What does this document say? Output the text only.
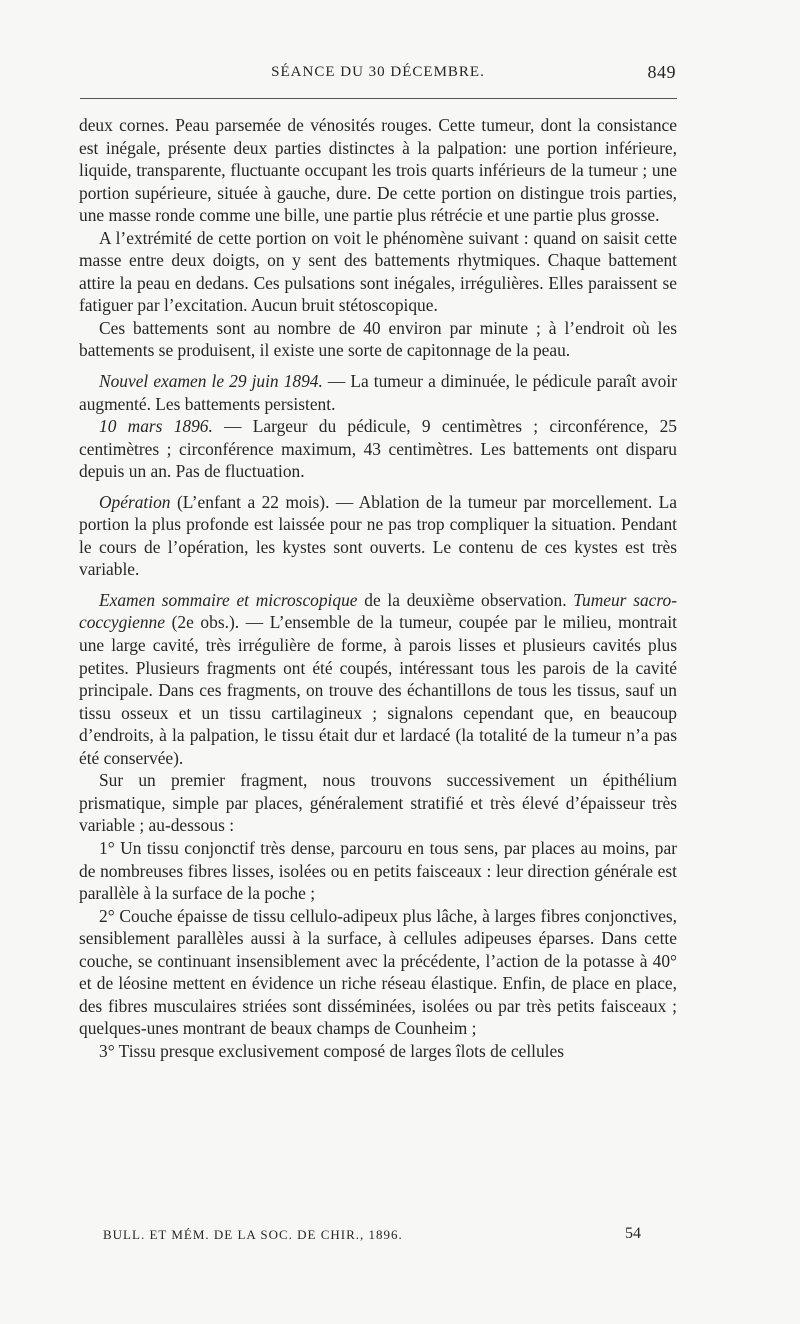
SÉANCE DU 30 DÉCEMBRE.	849

deux cornes. Peau parsemée de vénosités rouges. Cette tumeur, dont la consistance est inégale, présente deux parties distinctes à la palpation: une portion inférieure, liquide, transparente, fluctuante occupant les trois quarts inférieurs de la tumeur ; une portion supérieure, située à gauche, dure. De cette portion on distingue trois parties, une masse ronde comme une bille, une partie plus rétrécie et une partie plus grosse.

A l’extrémité de cette portion on voit le phénomène suivant : quand on saisit cette masse entre deux doigts, on y sent des battements rhytmiques. Chaque battement attire la peau en dedans. Ces pulsations sont inégales, irrégulières. Elles paraissent se fatiguer par l’excitation. Aucun bruit stétoscopique.

Ces battements sont au nombre de 40 environ par minute ; à l’endroit où les battements se produisent, il existe une sorte de capitonnage de la peau.

Nouvel examen le 29 juin 1894. — La tumeur a diminuée, le pédicule paraît avoir augmenté. Les battements persistent.

10 mars 1896. — Largeur du pédicule, 9 centimètres ; circonférence, 25 centimètres ; circonférence maximum, 43 centimètres. Les battements ont disparu depuis un an. Pas de fluctuation.

Opération (L’enfant a 22 mois). — Ablation de la tumeur par morcellement. La portion la plus profonde est laissée pour ne pas trop compliquer la situation. Pendant le cours de l’opération, les kystes sont ouverts. Le contenu de ces kystes est très variable.

Examen sommaire et microscopique de la deuxième observation. Tumeur sacro-coccygienne (2e obs.). — L’ensemble de la tumeur, coupée par le milieu, montrait une large cavité, très irrégulière de forme, à parois lisses et plusieurs cavités plus petites. Plusieurs fragments ont été coupés, intéressant tous les parois de la cavité principale. Dans ces fragments, on trouve des échantillons de tous les tissus, sauf un tissu osseux et un tissu cartilagineux ; signalons cependant que, en beaucoup d’endroits, à la palpation, le tissu était dur et lardacé (la totalité de la tumeur n’a pas été conservée).

Sur un premier fragment, nous trouvons successivement un épithélium prismatique, simple par places, généralement stratifié et très élevé d’épaisseur très variable ; au-dessous :

1° Un tissu conjonctif très dense, parcouru en tous sens, par places au moins, par de nombreuses fibres lisses, isolées ou en petits faisceaux : leur direction générale est parallèle à la surface de la poche ;

2° Couche épaisse de tissu cellulo-adipeux plus lâche, à larges fibres conjonctives, sensiblement parallèles aussi à la surface, à cellules adipeuses éparses. Dans cette couche, se continuant insensiblement avec la précédente, l’action de la potasse à 40° et de léosine mettent en évidence un riche réseau élastique. Enfin, de place en place, des fibres musculaires striées sont disséminées, isolées ou par très petits faisceaux ; quelques-unes montrant de beaux champs de Counheim ;

3° Tissu presque exclusivement composé de larges îlots de cellules

BULL. ET MÉM. DE LA SOC. DE CHIR., 1896.	54
